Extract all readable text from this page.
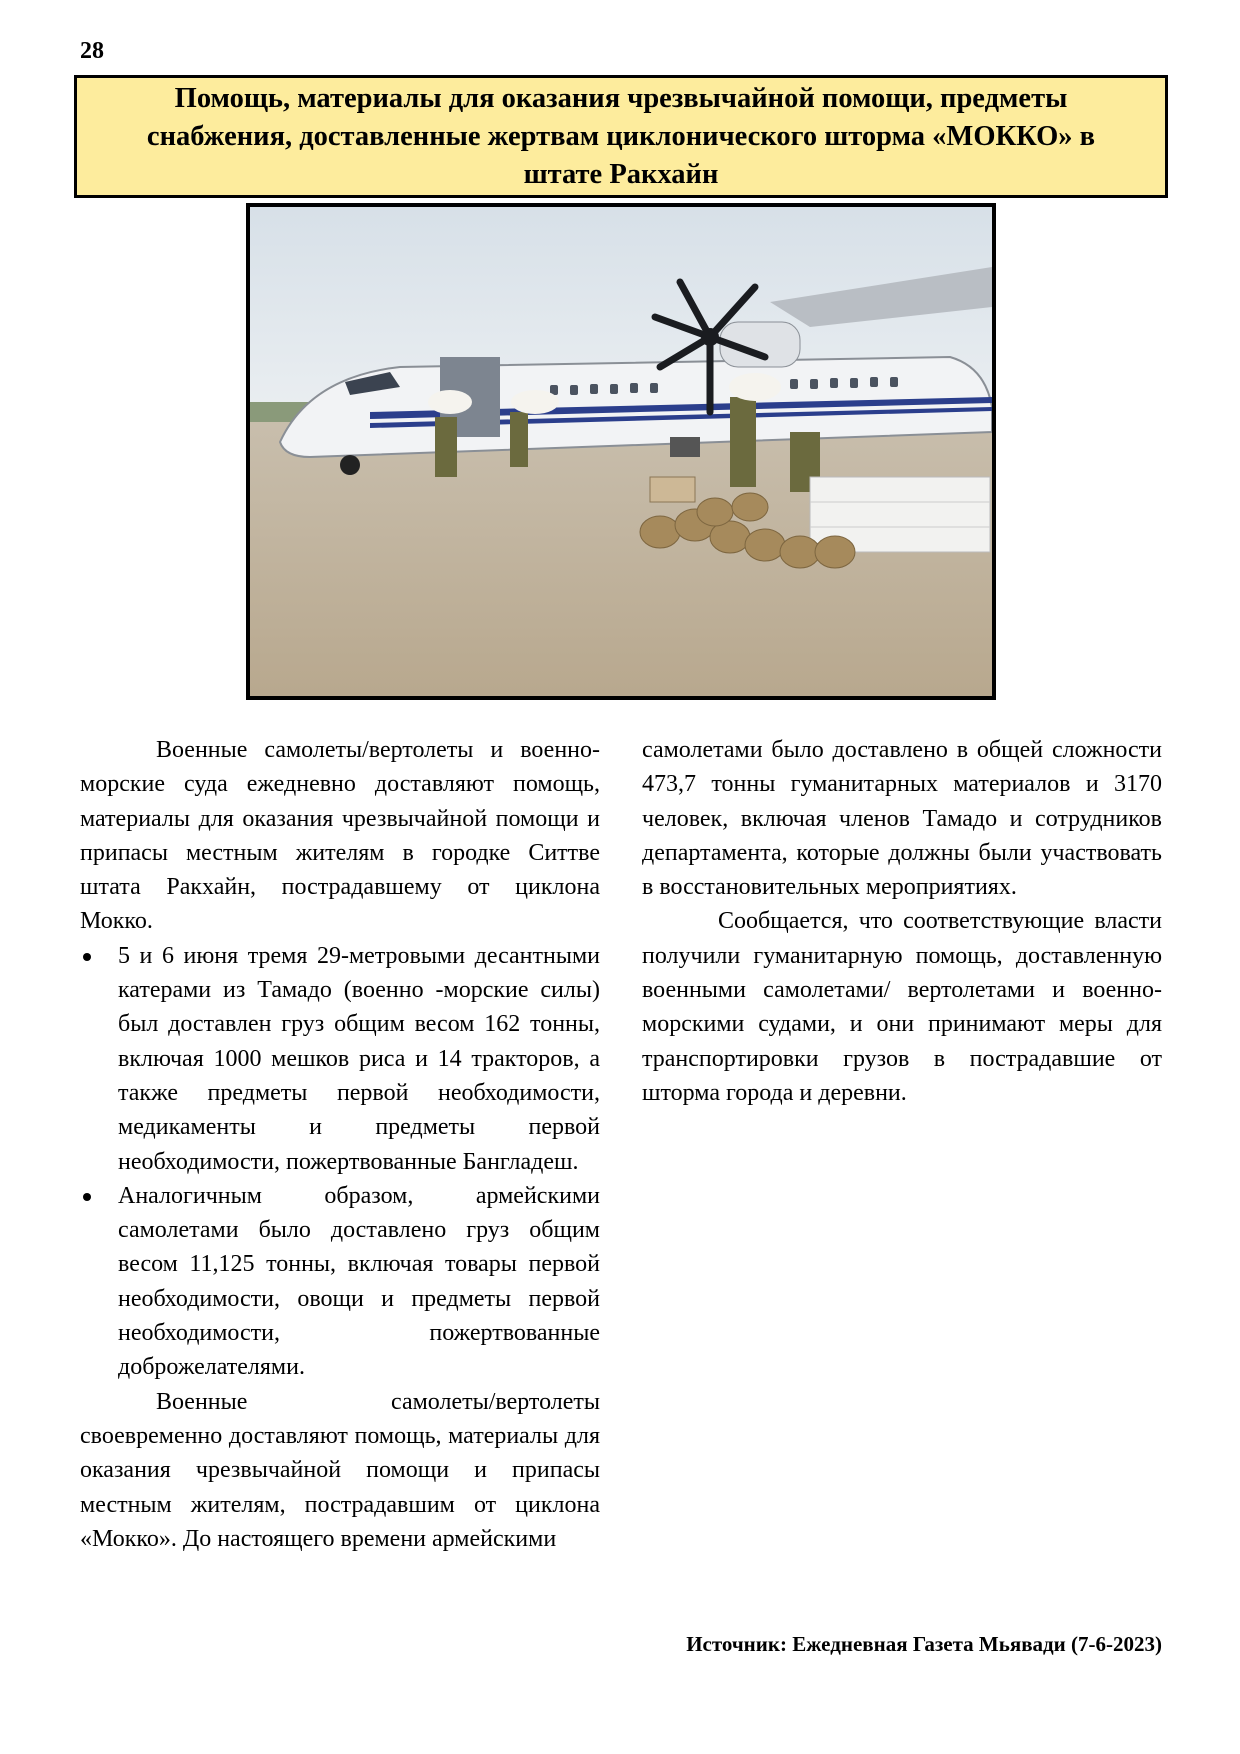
28
Помощь, материалы для оказания чрезвычайной помощи, предметы снабжения, доставленные жертвам циклонического шторма «МОККО» в штате Ракхайн

Военные самолеты/вертолеты и военно-морские суда ежедневно доставляют помощь, материалы для оказания чрезвычайной помощи и припасы местным жителям в городке Ситтве штата Ракхайн, пострадавшему от циклона Мокко.

5 и 6 июня тремя 29-метровыми десантными катерами из Тамадо (военно -морские силы) был доставлен груз общим весом 162 тонны, включая 1000 мешков риса и 14 тракторов, а также предметы первой необходимости, медикаменты и предметы первой необходимости, пожертвованные Бангладеш.
Аналогичным образом, армейскими самолетами было доставлено груз общим весом 11,125 тонны, включая товары первой необходимости, овощи и предметы первой необходимости, пожертвованные доброжелателями.

Военные самолеты/вертолеты своевременно доставляют помощь, материалы для оказания чрезвычайной помощи и припасы местным жителям, пострадавшим от циклона «Мокко». До настоящего времени армейскими

самолетами было доставлено в общей сложности 473,7 тонны гуманитарных материалов и 3170 человек, включая членов Тамадо и сотрудников департамента, которые должны были участвовать в восстановительных мероприятиях.

Сообщается, что соответствующие власти получили гуманитарную помощь, доставленную военными самолетами/ вертолетами и военно-морскими судами, и они принимают меры для транспортировки грузов в пострадавшие от шторма города и деревни.

Источник: Ежедневная Газета Мьявади (7-6-2023)
